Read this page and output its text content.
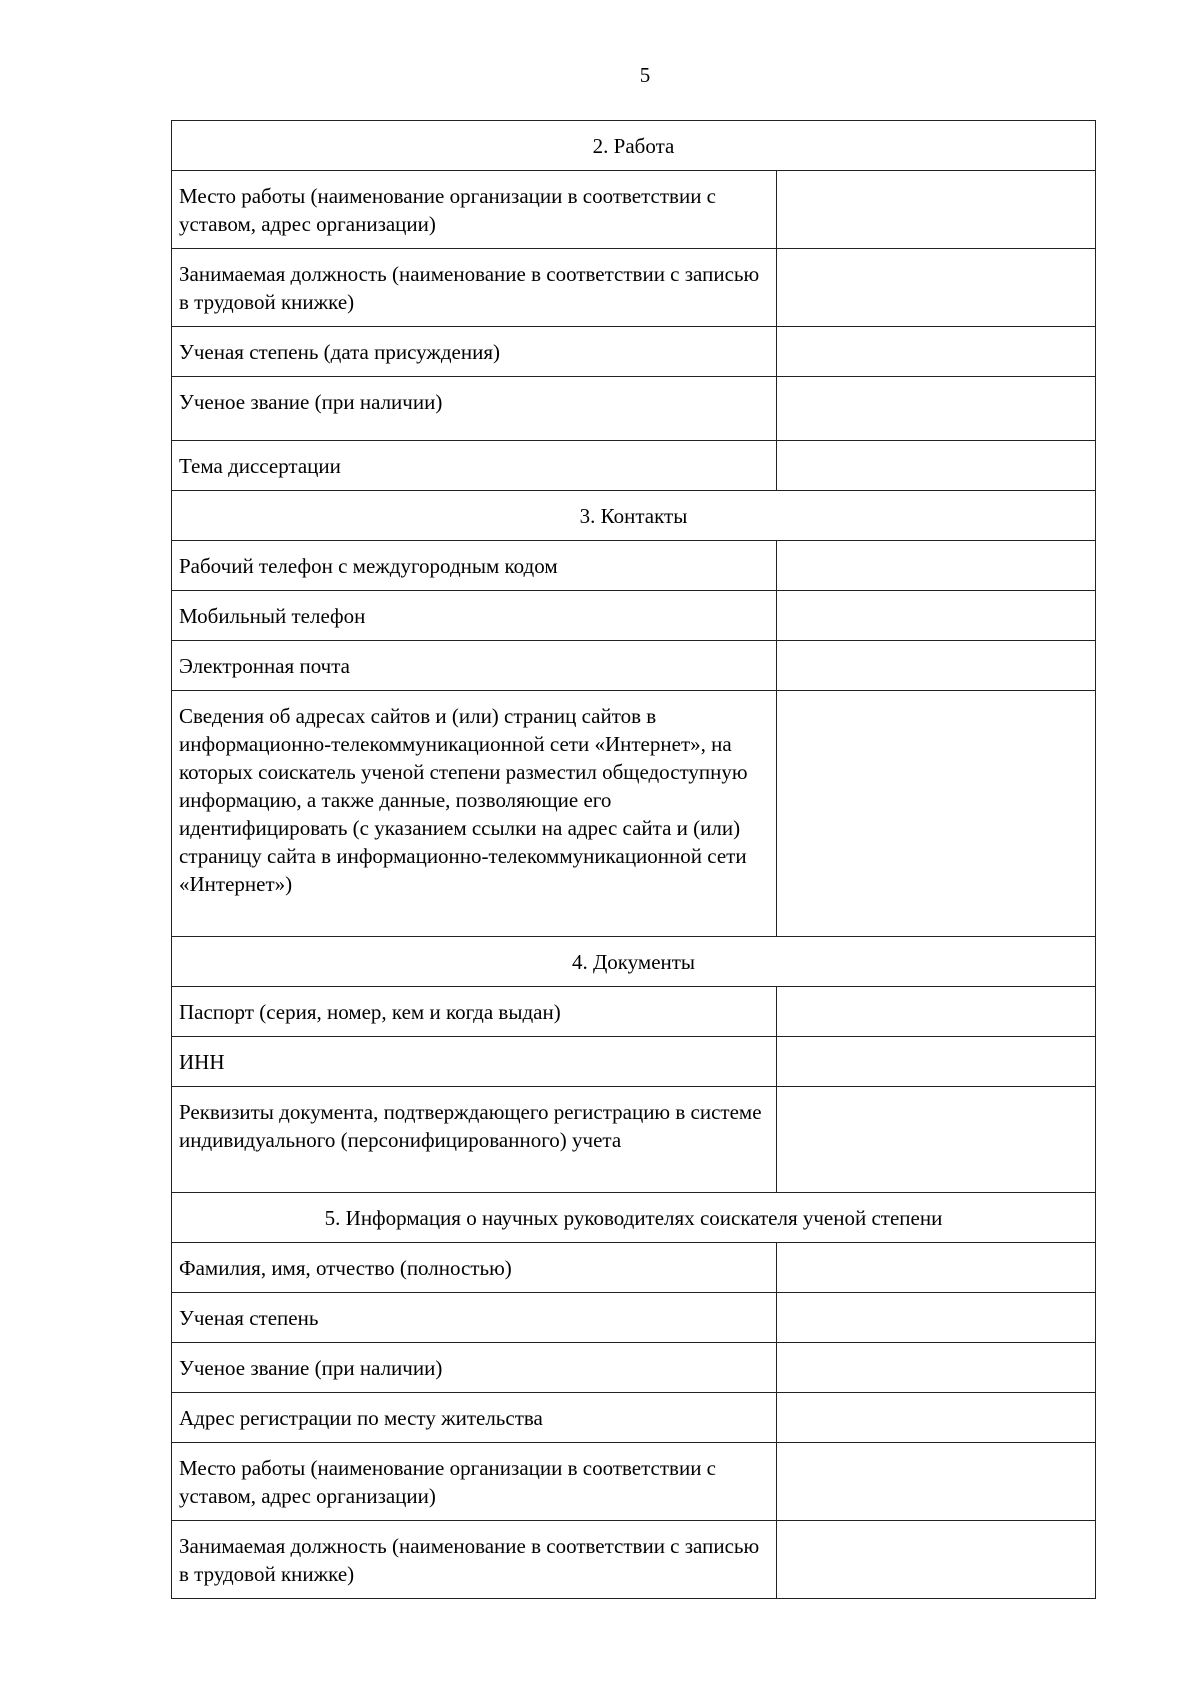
5
2. Работа	
Место работы (наименование организации в соответствии с уставом, адрес организации)	
Занимаемая должность (наименование в соответствии с записью в трудовой книжке)	
Ученая степень (дата присуждения)	
Ученое звание (при наличии)	
Тема диссертации	
3. Контакты	
Рабочий телефон с междугородным кодом	
Мобильный телефон	
Электронная почта	
Сведения об адресах сайтов и (или) страниц сайтов в информационно-телекоммуникационной сети «Интернет», на которых соискатель ученой степени разместил общедоступную информацию, а также данные, позволяющие его идентифицировать (с указанием ссылки на адрес сайта и (или) страницу сайта в информационно-телекоммуникационной сети «Интернет»)	
4. Документы	
Паспорт (серия, номер, кем и когда выдан)	
ИНН	
Реквизиты документа, подтверждающего регистрацию в системе индивидуального (персонифицированного) учета	
5. Информация о научных руководителях соискателя ученой степени	
Фамилия, имя, отчество (полностью)	
Ученая степень	
Ученое звание (при наличии)	
Адрес регистрации по месту жительства	
Место работы (наименование организации в соответствии с уставом, адрес организации)	
Занимаемая должность (наименование в соответствии с записью в трудовой книжке)	
